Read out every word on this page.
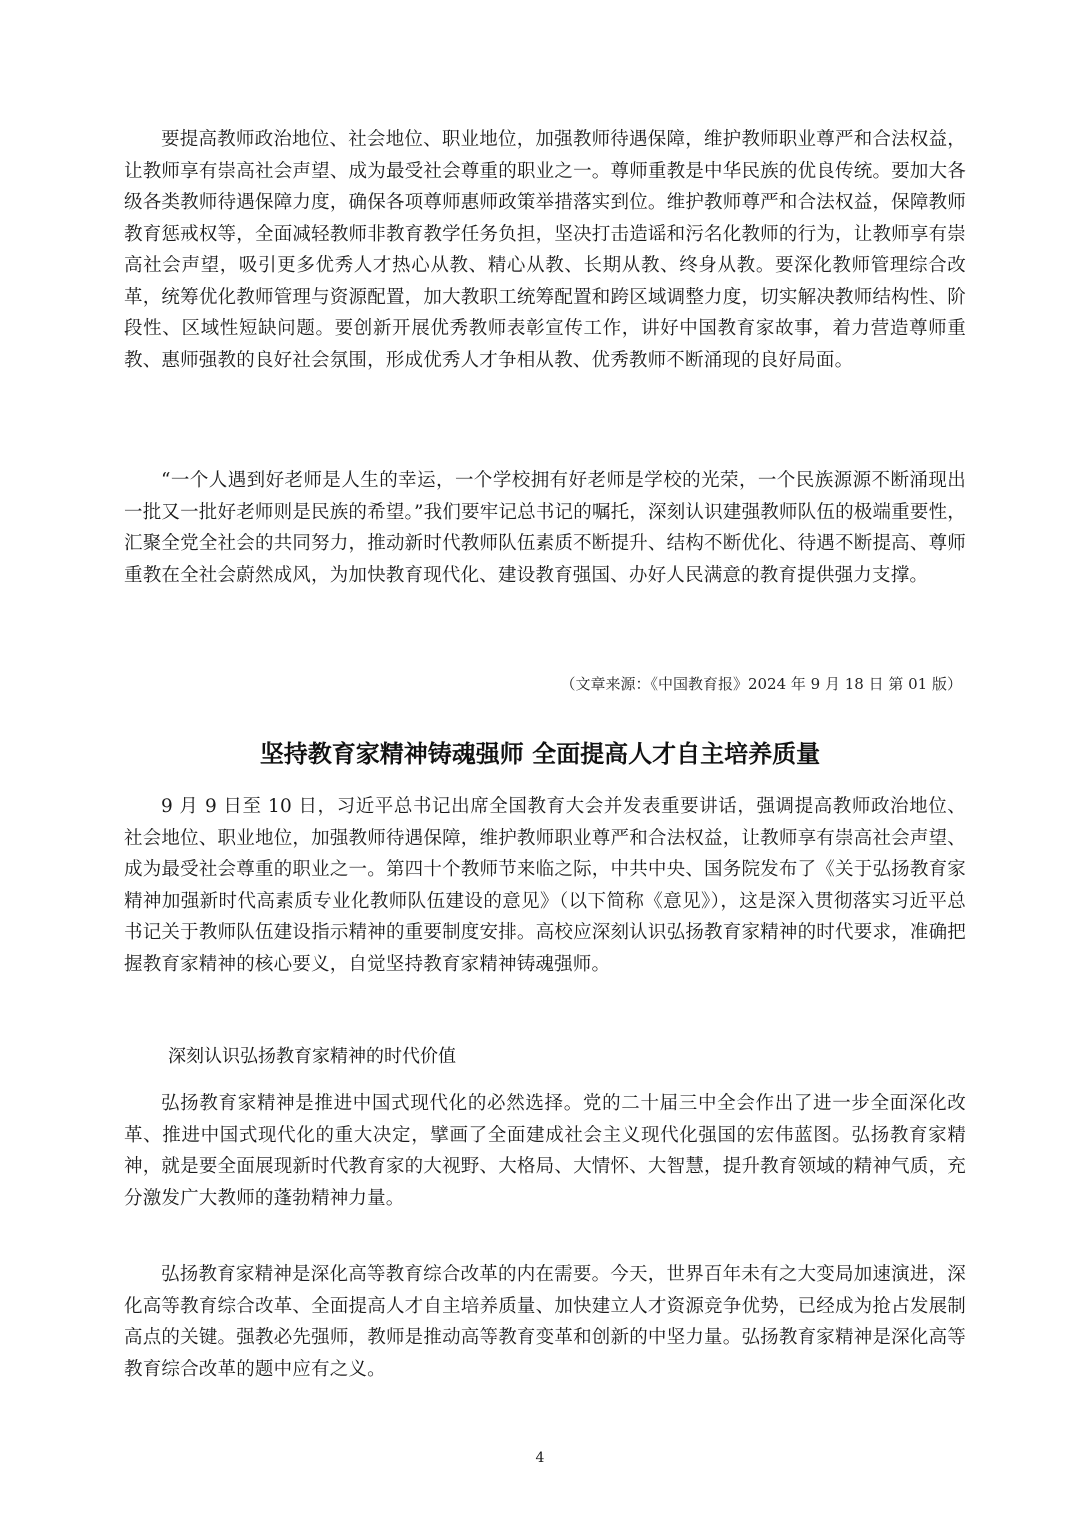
要提高教师政治地位、社会地位、职业地位，加强教师待遇保障，维护教师职业尊严和合法权益，让教师享有崇高社会声望、成为最受社会尊重的职业之一。尊师重教是中华民族的优良传统。要加大各级各类教师待遇保障力度，确保各项尊师惠师政策举措落实到位。维护教师尊严和合法权益，保障教师教育惩戒权等，全面减轻教师非教育教学任务负担，坚决打击造谣和污名化教师的行为，让教师享有崇高社会声望，吸引更多优秀人才热心从教、精心从教、长期从教、终身从教。要深化教师管理综合改革，统筹优化教师管理与资源配置，加大教职工统筹配置和跨区域调整力度，切实解决教师结构性、阶段性、区域性短缺问题。要创新开展优秀教师表彰宣传工作，讲好中国教育家故事，着力营造尊师重教、惠师强教的良好社会氛围，形成优秀人才争相从教、优秀教师不断涌现的良好局面。

“一个人遇到好老师是人生的幸运，一个学校拥有好老师是学校的光荣，一个民族源源不断涌现出一批又一批好老师则是民族的希望。”我们要牢记总书记的嘱托，深刻认识建强教师队伍的极端重要性，汇聚全党全社会的共同努力，推动新时代教师队伍素质不断提升、结构不断优化、待遇不断提高、尊师重教在全社会蔚然成风，为加快教育现代化、建设教育强国、办好人民满意的教育提供强力支撑。

（文章来源：《中国教育报》2024 年 9 月 18 日 第 01 版）

坚持教育家精神铸魂强师 全面提高人才自主培养质量

9 月 9 日至 10 日，习近平总书记出席全国教育大会并发表重要讲话，强调提高教师政治地位、社会地位、职业地位，加强教师待遇保障，维护教师职业尊严和合法权益，让教师享有崇高社会声望、成为最受社会尊重的职业之一。第四十个教师节来临之际，中共中央、国务院发布了《关于弘扬教育家精神加强新时代高素质专业化教师队伍建设的意见》（以下简称《意见》），这是深入贯彻落实习近平总书记关于教师队伍建设指示精神的重要制度安排。高校应深刻认识弘扬教育家精神的时代要求，准确把握教育家精神的核心要义，自觉坚持教育家精神铸魂强师。

深刻认识弘扬教育家精神的时代价值

弘扬教育家精神是推进中国式现代化的必然选择。党的二十届三中全会作出了进一步全面深化改革、推进中国式现代化的重大决定，擘画了全面建成社会主义现代化强国的宏伟蓝图。弘扬教育家精神，就是要全面展现新时代教育家的大视野、大格局、大情怀、大智慧，提升教育领域的精神气质，充分激发广大教师的蓬勃精神力量。

弘扬教育家精神是深化高等教育综合改革的内在需要。今天，世界百年未有之大变局加速演进，深化高等教育综合改革、全面提高人才自主培养质量、加快建立人才资源竞争优势，已经成为抢占发展制高点的关键。强教必先强师，教师是推动高等教育变革和创新的中坚力量。弘扬教育家精神是深化高等教育综合改革的题中应有之义。

4
